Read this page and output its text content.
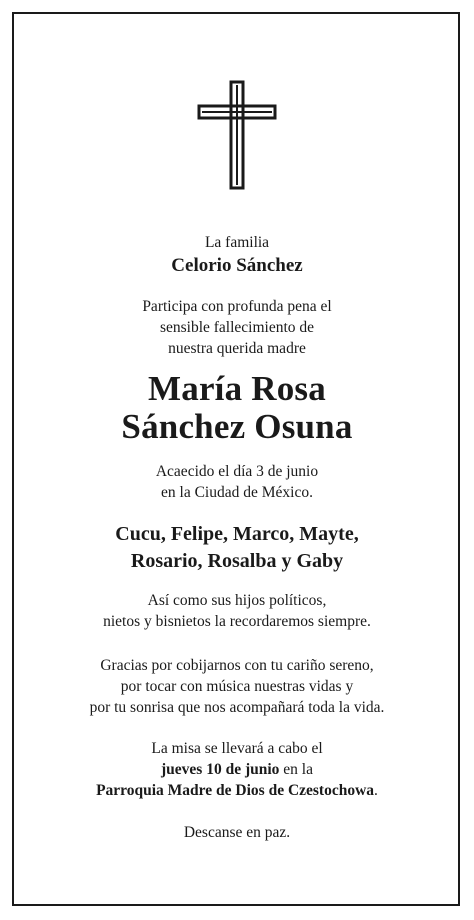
La familia
Celorio Sánchez
Participa con profunda pena el
sensible fallecimiento de
nuestra querida madre
María Rosa
Sánchez Osuna
Acaecido el día 3 de junio
en la Ciudad de México.
Cucu, Felipe, Marco, Mayte,
Rosario, Rosalba y Gaby
Así como sus hijos políticos,
nietos y bisnietos la recordaremos siempre.
Gracias por cobijarnos con tu cariño sereno,
por tocar con música nuestras vidas y
por tu sonrisa que nos acompañará toda la vida.
La misa se llevará a cabo el
jueves 10 de junio en la
Parroquia Madre de Dios de Czestochowa.
Descanse en paz.
